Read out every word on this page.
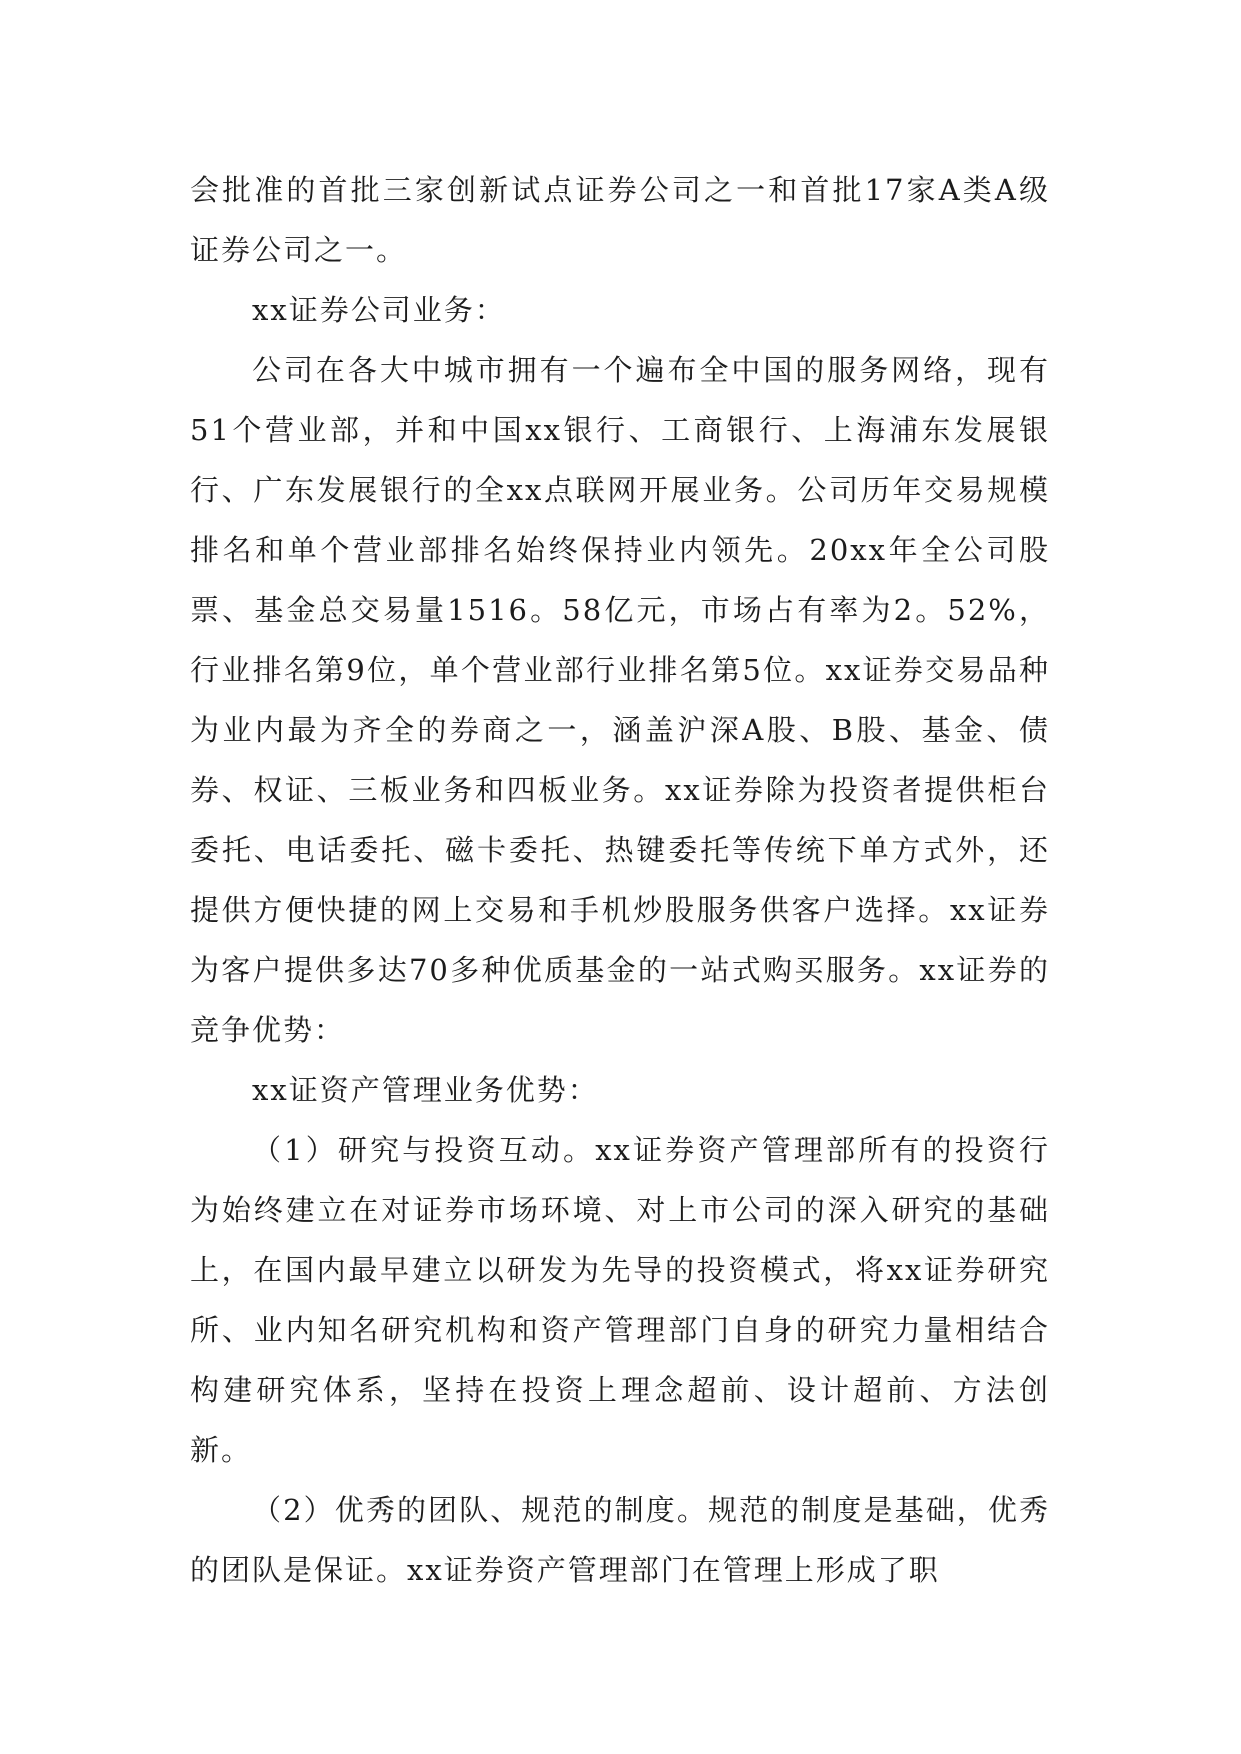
会批准的首批三家创新试点证券公司之一和首批17家A类A级证券公司之一。

xx证券公司业务：

公司在各大中城市拥有一个遍布全中国的服务网络，现有51个营业部，并和中国xx银行、工商银行、上海浦东发展银行、广东发展银行的全xx点联网开展业务。公司历年交易规模排名和单个营业部排名始终保持业内领先。20xx年全公司股票、基金总交易量1516。58亿元，市场占有率为2。52%，行业排名第9位，单个营业部行业排名第5位。xx证券交易品种为业内最为齐全的券商之一，涵盖沪深A股、B股、基金、债券、权证、三板业务和四板业务。xx证券除为投资者提供柜台委托、电话委托、磁卡委托、热键委托等传统下单方式外，还提供方便快捷的网上交易和手机炒股服务供客户选择。xx证券为客户提供多达70多种优质基金的一站式购买服务。xx证券的竞争优势：

xx证资产管理业务优势：

（1）研究与投资互动。xx证券资产管理部所有的投资行为始终建立在对证券市场环境、对上市公司的深入研究的基础上，在国内最早建立以研发为先导的投资模式，将xx证券研究所、业内知名研究机构和资产管理部门自身的研究力量相结合构建研究体系，坚持在投资上理念超前、设计超前、方法创新。

（2）优秀的团队、规范的制度。规范的制度是基础，优秀的团队是保证。xx证券资产管理部门在管理上形成了职
